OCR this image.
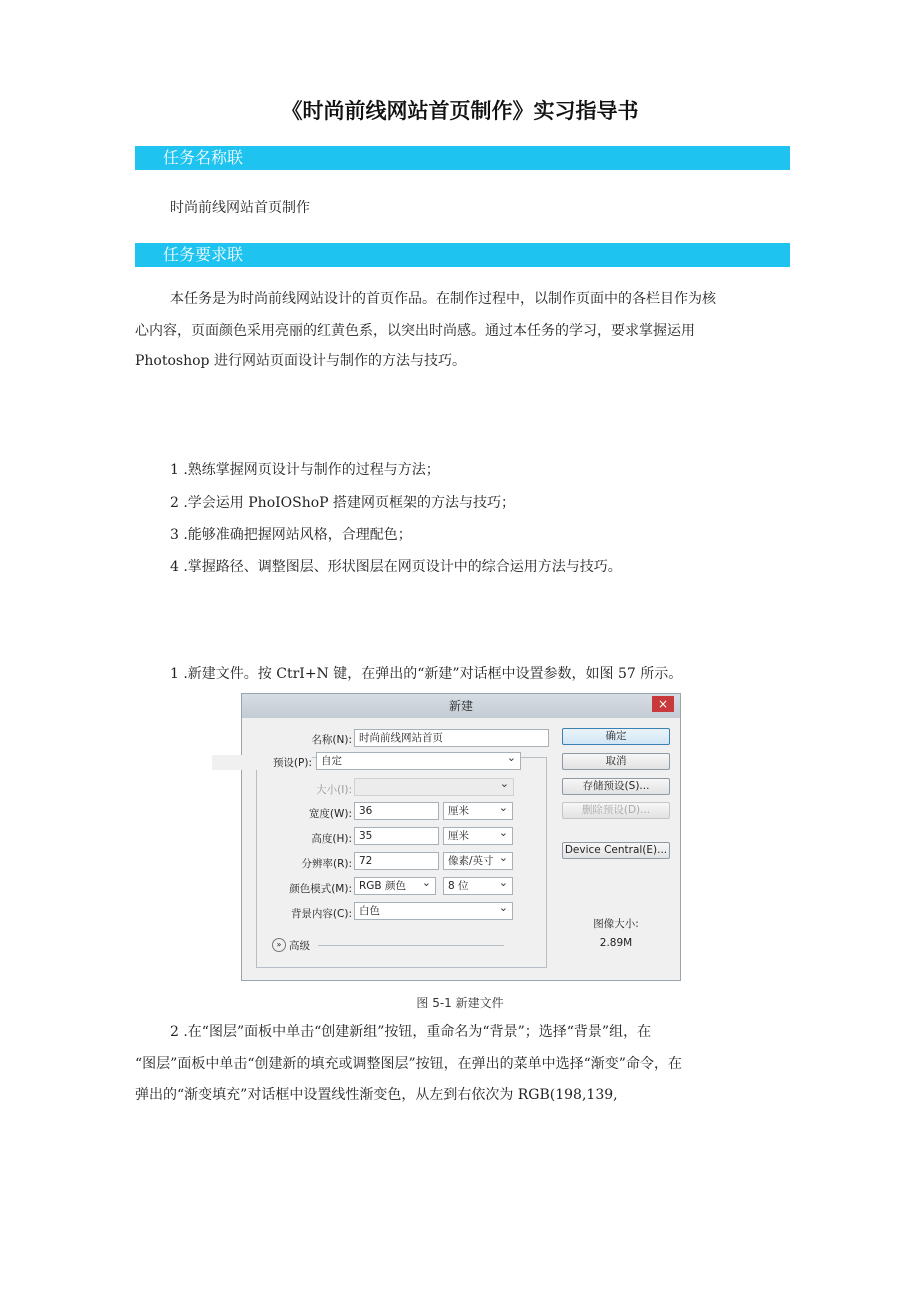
《时尚前线网站首页制作》实习指导书
任务名称联
时尚前线网站首页制作
任务要求联
本任务是为时尚前线网站设计的首页作品。在制作过程中，以制作页面中的各栏目作为核
心内容，页面颜色采用亮丽的红黄色系，以突出时尚感。通过本任务的学习，要求掌握运用
Photoshop 进行网站页面设计与制作的方法与技巧。
1 .熟练掌握网页设计与制作的过程与方法；
2 .学会运用 PhoIOShoP 搭建网页框架的方法与技巧；
3 .能够准确把握网站风格，合理配色；
4 .掌握路径、调整图层、形状图层在网页设计中的综合运用方法与技巧。
1 .新建文件。按 CtrI+N 键，在弹出的“新建”对话框中设置参数，如图 57 所示。
新建	×
名称(N): 时尚前线网站首页
预设(P): 自定 ⌄
大小(I):
⌄
宽度(W): 36	厘米 ⌄
高度(H): 35	厘米 ⌄
分辨率(R): 72	像素/英寸 ⌄
颜色模式(M): RGB 颜色 ⌄	8 位 ⌄
背景内容(C): 白色 ⌄
» 高级
确定
取消
存储预设(S)...
删除预设(D)...
Device Central(E)...
图像大小:
2.89M
图 5-1 新建文件
2 .在“图层”面板中单击“创建新组”按钮，重命名为“背景”；选择“背景”组，在
“图层”面板中单击“创建新的填充或调整图层”按钮，在弹出的菜单中选择“渐变”命令，在
弹出的“渐变填充”对话框中设置线性渐变色，从左到右依次为 RGB(198,139,
